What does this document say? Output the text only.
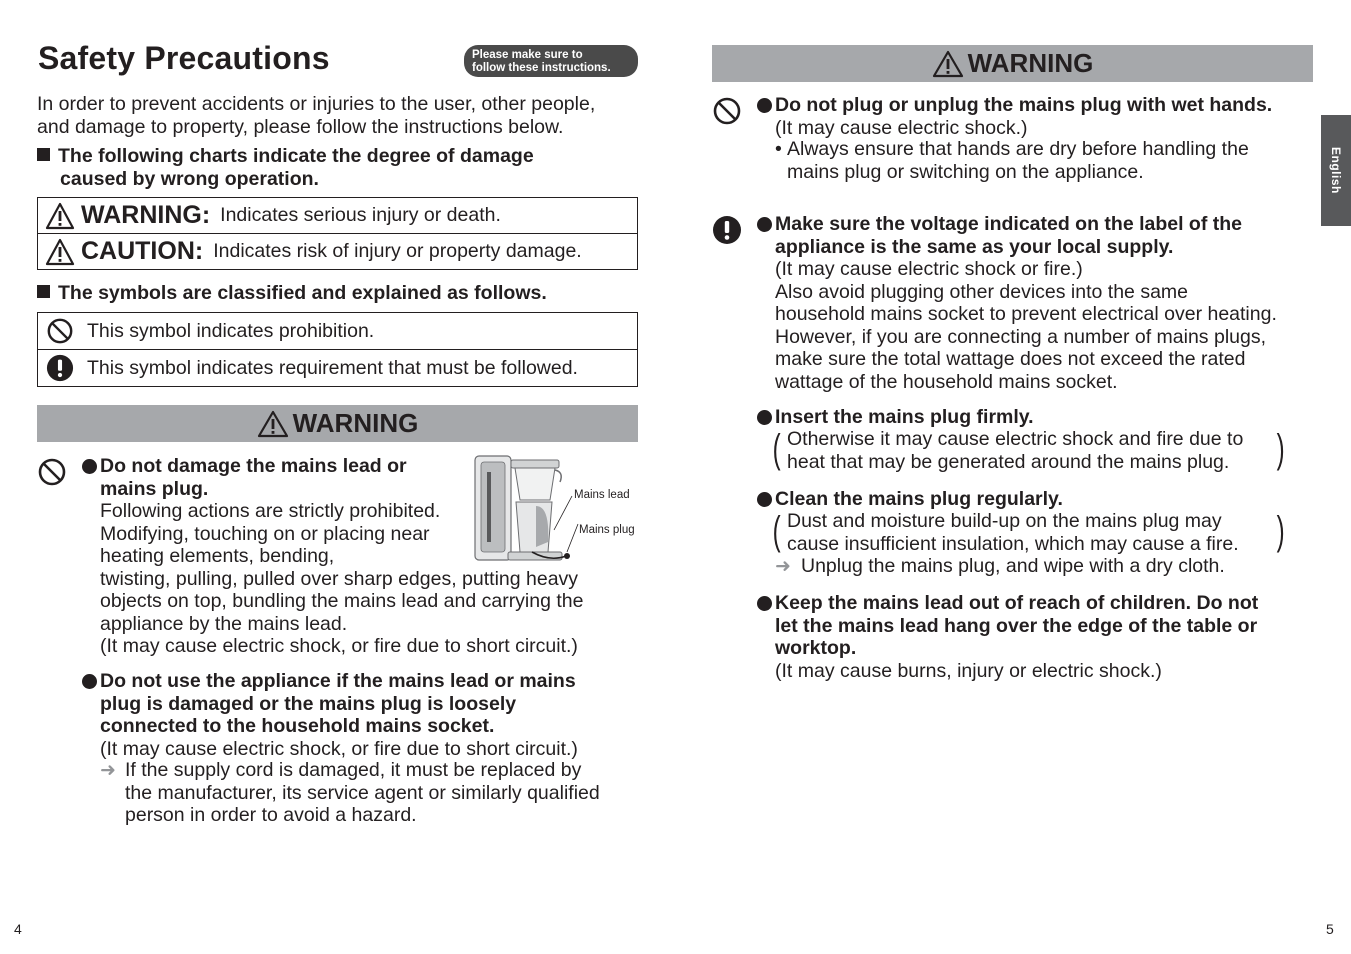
Safety Precautions	Please make sure to
follow these instructions.
In order to prevent accidents or injuries to the user, other people,
and damage to property, please follow the instructions below.
The following charts indicate the degree of damage
caused by wrong operation.
WARNING: Indicates serious injury or death.
CAUTION: Indicates risk of injury or property damage.
The symbols are classified and explained as follows.
This symbol indicates prohibition.
This symbol indicates requirement that must be followed.
WARNING
Do not damage the mains lead or
mains plug.
Following actions are strictly prohibited.
Modifying, touching on or placing near
heating elements, bending,
twisting, pulling, pulled over sharp edges, putting heavy
objects on top, bundling the mains lead and carrying the
appliance by the mains lead.
(It may cause electric shock, or fire due to short circuit.)
Mains lead
Mains plug
Do not use the appliance if the mains lead or mains
plug is damaged or the mains plug is loosely
connected to the household mains socket.
(It may cause electric shock, or fire due to short circuit.)
➜ If the supply cord is damaged, it must be replaced by
the manufacturer, its service agent or similarly qualified
person in order to avoid a hazard.
4
WARNING
English
Do not plug or unplug the mains plug with wet hands.
(It may cause electric shock.)
• Always ensure that hands are dry before handling the
mains plug or switching on the appliance.
Make sure the voltage indicated on the label of the
appliance is the same as your local supply.
(It may cause electric shock or fire.)
Also avoid plugging other devices into the same
household mains socket to prevent electrical over heating.
However, if you are connecting a number of mains plugs,
make sure the total wattage does not exceed the rated
wattage of the household mains socket.
Insert the mains plug firmly.
(	)
Otherwise it may cause electric shock and fire due to
heat that may be generated around the mains plug.
Clean the mains plug regularly.
(	)
Dust and moisture build-up on the mains plug may
cause insufficient insulation, which may cause a fire.
➜ Unplug the mains plug, and wipe with a dry cloth.
Keep the mains lead out of reach of children. Do not
let the mains lead hang over the edge of the table or
worktop.
(It may cause burns, injury or electric shock.)
5
